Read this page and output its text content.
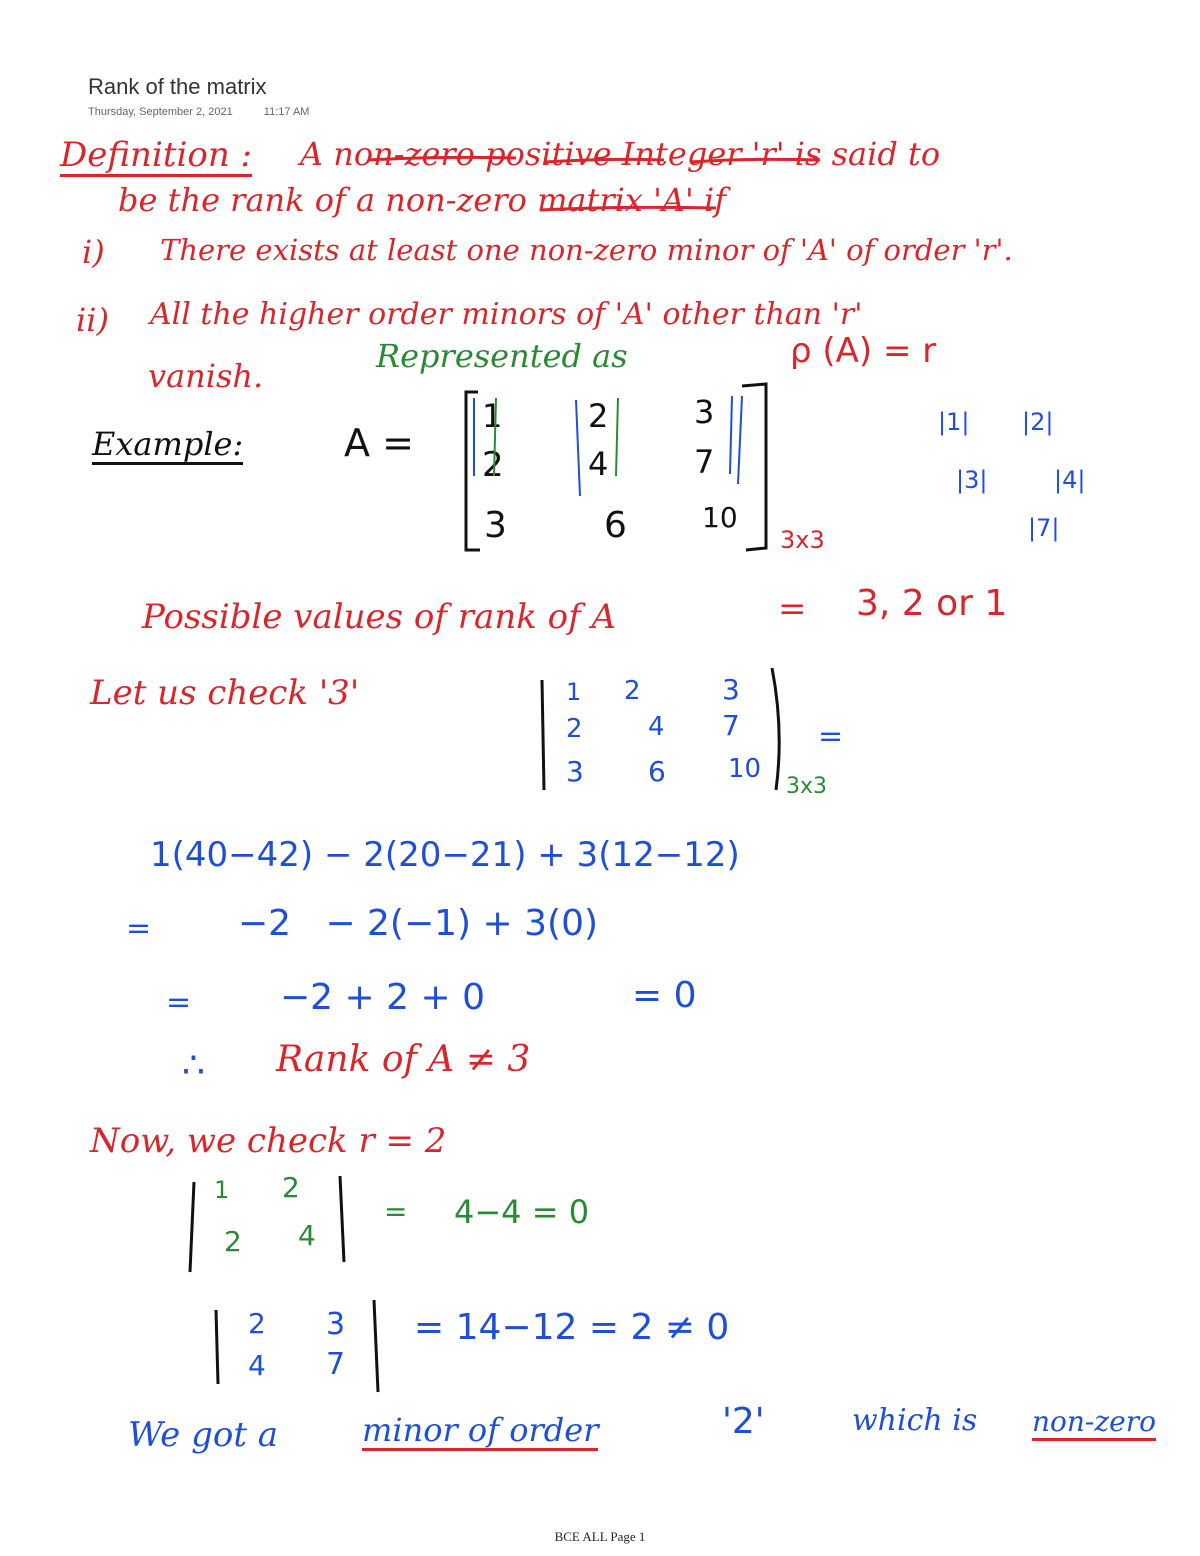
Rank of the matrix
Thursday, September 2, 2021	11:17 AM
Definition : A non-zero positive Integer 'r' is said to
be the rank of a non-zero matrix 'A' if
i) There exists at least one non-zero minor of 'A' of order 'r'.
ii) All the higher order minors of 'A' other than 'r'
vanish.
Represented as	ρ (A) = r
Example:	A =
1	2	3
2	4	7
3	6	10
3x3
|1| |2|
|3|	|4|
|7|
Possible values of rank of A	= 3, 2 or 1
Let us check '3'	1 2	3
2	4 7
3 6 10
3x3
=
1(40−42) − 2(20−21) + 3(12−12)
= −2   − 2(−1) + 3(0)
= −2 + 2 + 0	= 0
∴ Rank of A ≠ 3
Now, we check r = 2
1 2
2 4
= 4−4 = 0
2 3
4 7
= 14−12 = 2 ≠ 0
We got a	minor of order	'2'	which is non-zero
BCE ALL Page 1
